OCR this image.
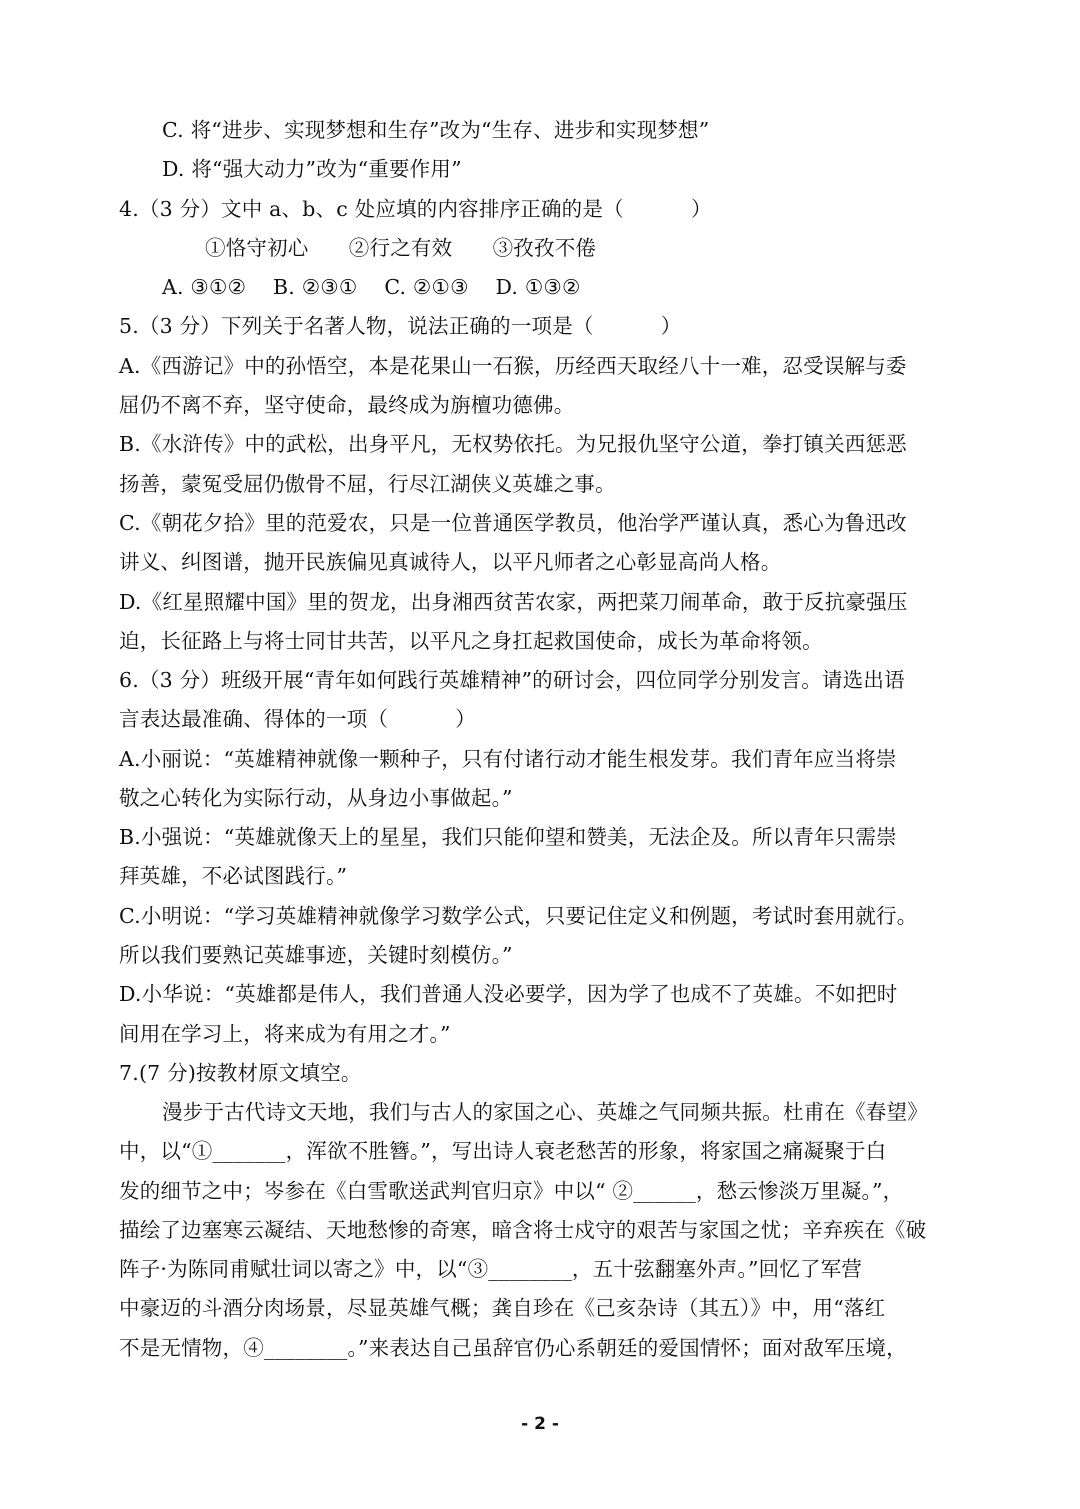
C. 将“进步、实现梦想和生存”改为“生存、进步和实现梦想”
D. 将“强大动力”改为“重要作用”
4.（3 分）文中 a、b、c 处应填的内容排序正确的是（          ）
①恪守初心      ②行之有效      ③孜孜不倦
A. ③①②    B. ②③①    C. ②①③    D. ①③②
5.（3 分）下列关于名著人物，说法正确的一项是（          ）
A.《西游记》中的孙悟空，本是花果山一石猴，历经西天取经八十一难，忍受误解与委
屈仍不离不弃，坚守使命，最终成为旃檀功德佛。
B.《水浒传》中的武松，出身平凡，无权势依托。为兄报仇坚守公道，拳打镇关西惩恶
扬善，蒙冤受屈仍傲骨不屈，行尽江湖侠义英雄之事。
C.《朝花夕拾》里的范爱农，只是一位普通医学教员，他治学严谨认真，悉心为鲁迅改
讲义、纠图谱，抛开民族偏见真诚待人，以平凡师者之心彰显高尚人格。
D.《红星照耀中国》里的贺龙，出身湘西贫苦农家，两把菜刀闹革命，敢于反抗豪强压
迫，长征路上与将士同甘共苦，以平凡之身扛起救国使命，成长为革命将领。
6.（3 分）班级开展“青年如何践行英雄精神”的研讨会，四位同学分别发言。请选出语
言表达最准确、得体的一项（          ）
A.小丽说：“英雄精神就像一颗种子，只有付诸行动才能生根发芽。我们青年应当将崇
敬之心转化为实际行动，从身边小事做起。”
B.小强说：“英雄就像天上的星星，我们只能仰望和赞美，无法企及。所以青年只需崇
拜英雄，不必试图践行。”
C.小明说：“学习英雄精神就像学习数学公式，只要记住定义和例题，考试时套用就行。
所以我们要熟记英雄事迹，关键时刻模仿。”
D.小华说：“英雄都是伟人，我们普通人没必要学，因为学了也成不了英雄。不如把时
间用在学习上，将来成为有用之才。”
7.(7 分)按教材原文填空。
漫步于古代诗文天地，我们与古人的家国之心、英雄之气同频共振。杜甫在《春望》
中，以“①_______，浑欲不胜簪。”，写出诗人衰老愁苦的形象，将家国之痛凝聚于白
发的细节之中；岑参在《白雪歌送武判官归京》中以“ ②______，愁云惨淡万里凝。”，
描绘了边塞寒云凝结、天地愁惨的奇寒，暗含将士戍守的艰苦与家国之忧；辛弃疾在《破
阵子·为陈同甫赋壮词以寄之》中，以“③________，五十弦翻塞外声。”回忆了军营
中豪迈的斗酒分肉场景，尽显英雄气概；龚自珍在《己亥杂诗（其五）》中，用“落红
不是无情物，④________。”来表达自己虽辞官仍心系朝廷的爱国情怀；面对敌军压境，
- 2 -
